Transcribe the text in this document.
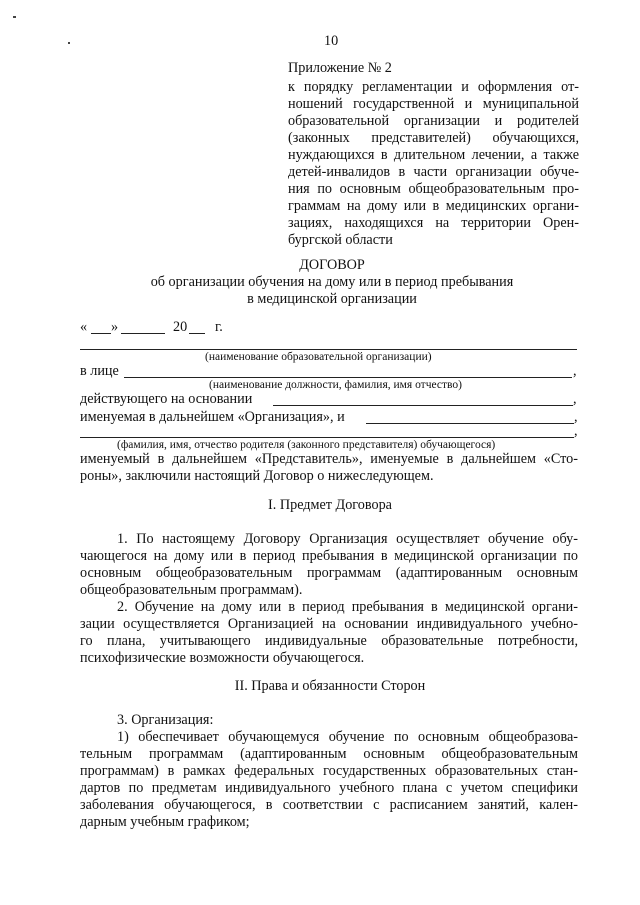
10
Приложение № 2
к порядку регламентации и оформления от-
ношений государственной и муниципальной
образовательной организации и родителей
(законных представителей) обучающихся,
нуждающихся в длительном лечении, а также
детей-инвалидов в части организации обуче-
ния по основным общеобразовательным про-
граммам на дому или в медицинских органи-
зациях, находящихся на территории Орен-
бургской области
ДОГОВОР
об организации обучения на дому или в период пребывания
в медицинской организации
« »	20 г.
(наименование образовательной организации)
в лице	,
(наименование должности, фамилия, имя отчество)
действующего на основании	,
именуемая в дальнейшем «Организация», и	,
,
(фамилия, имя, отчество родителя (законного представителя) обучающегося)
именуемый в дальнейшем «Представитель», именуемые в дальнейшем «Сто-
роны», заключили настоящий Договор о нижеследующем.
I. Предмет Договора
1. По настоящему Договору Организация осуществляет обучение обу-
чающегося на дому или в период пребывания в медицинской организации по
основным общеобразовательным программам (адаптированным основным
общеобразовательным программам).
2. Обучение на дому или в период пребывания в медицинской органи-
зации осуществляется Организацией на основании индивидуального учебно-
го плана, учитывающего индивидуальные образовательные потребности,
психофизические возможности обучающегося.
II. Права и обязанности Сторон
3. Организация:
1) обеспечивает обучающемуся обучение по основным общеобразова-
тельным программам (адаптированным основным общеобразовательным
программам) в рамках федеральных государственных образовательных стан-
дартов по предметам индивидуального учебного плана с учетом специфики
заболевания обучающегося, в соответствии с расписанием занятий, кален-
дарным учебным графиком;
